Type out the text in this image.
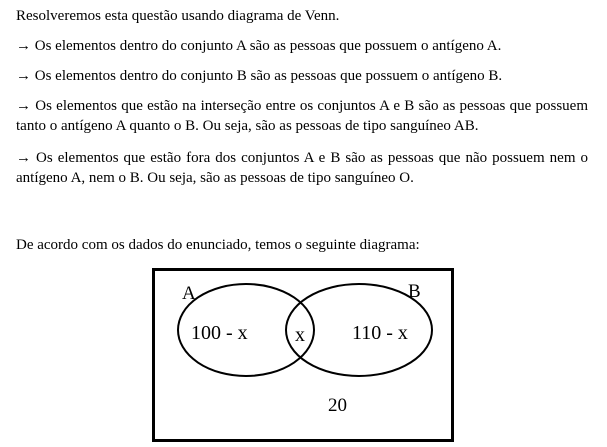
Resolveremos esta questão usando diagrama de Venn.

→ Os elementos dentro do conjunto A são as pessoas que possuem o antígeno A.

→ Os elementos dentro do conjunto B são as pessoas que possuem o antígeno B.

→ Os elementos que estão na interseção entre os conjuntos A e B são as pessoas que possuem tanto o antígeno A quanto o B. Ou seja, são as pessoas de tipo sanguíneo AB.

→ Os elementos que estão fora dos conjuntos A e B são as pessoas que não possuem nem o antígeno A, nem o B. Ou seja, são as pessoas de tipo sanguíneo O.

De acordo com os dados do enunciado, temos o seguinte diagrama:

A	B
100 - x x 110 - x
20
